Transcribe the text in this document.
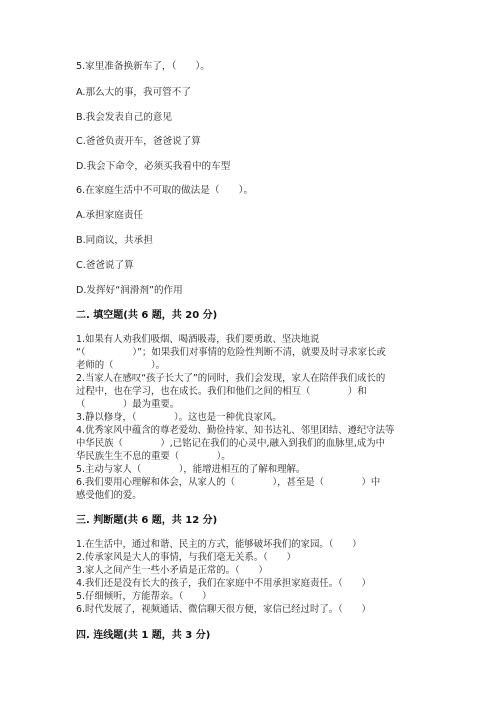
5.家里准备换新车了，（　　）。
A.那么大的事，我可管不了
B.我会发表自己的意见
C.爸爸负责开车，爸爸说了算
D.我会下命令，必须买我看中的车型
6.在家庭生活中不可取的做法是（　　）。
A.承担家庭责任
B.同商议，共承担
C.爸爸说了算
D.发挥好“润滑剂”的作用
二. 填空题(共 6 题，共 20 分)
1.如果有人劝我们吸烟、喝酒吸毒，我们要勇敢、坚决地说
“（　　　　　）”；如果我们对事情的危险性判断不清，就要及时寻求家长或
老师的（　　　　）。
2.当家人在感叹“孩子长大了”的同时，我们会发现，家人在陪伴我们成长的
过程中，也在学习，也在成长。我们和他们之间的相互（　　　　）和
（　　　　）最为重要。
3.静以修身，（　　　　）。这也是一种优良家风。
4.优秀家风中蕴含的尊老爱幼、勤俭持家、知书达礼、邻里团结、遵纪守法等
中华民族（　　　　）,已铭记在我们的心灵中,融入到我们的血脉里,成为中
华民族生生不息的重要（　　　　）。
5.主动与家人（　　　　），能增进相互的了解和理解。
6.我们要用心理解和体会，从家人的（　　　　），甚至是（　　　　）中
感受他们的爱。
三. 判断题(共 6 题，共 12 分)
1.在生活中，通过和谐、民主的方式，能够破坏我们的家园。（　　）
2.传承家风是大人的事情，与我们毫无关系。（　　）
3.家人之间产生一些小矛盾是正常的。（　　）
4.我们还是没有长大的孩子，我们在家庭中不用承担家庭责任。（　　）
5.仔细倾听，方能帮亲。（　　）
6.时代发展了，视频通话、微信聊天很方便，家信已经过时了。（　　）
四. 连线题(共 1 题，共 3 分)
